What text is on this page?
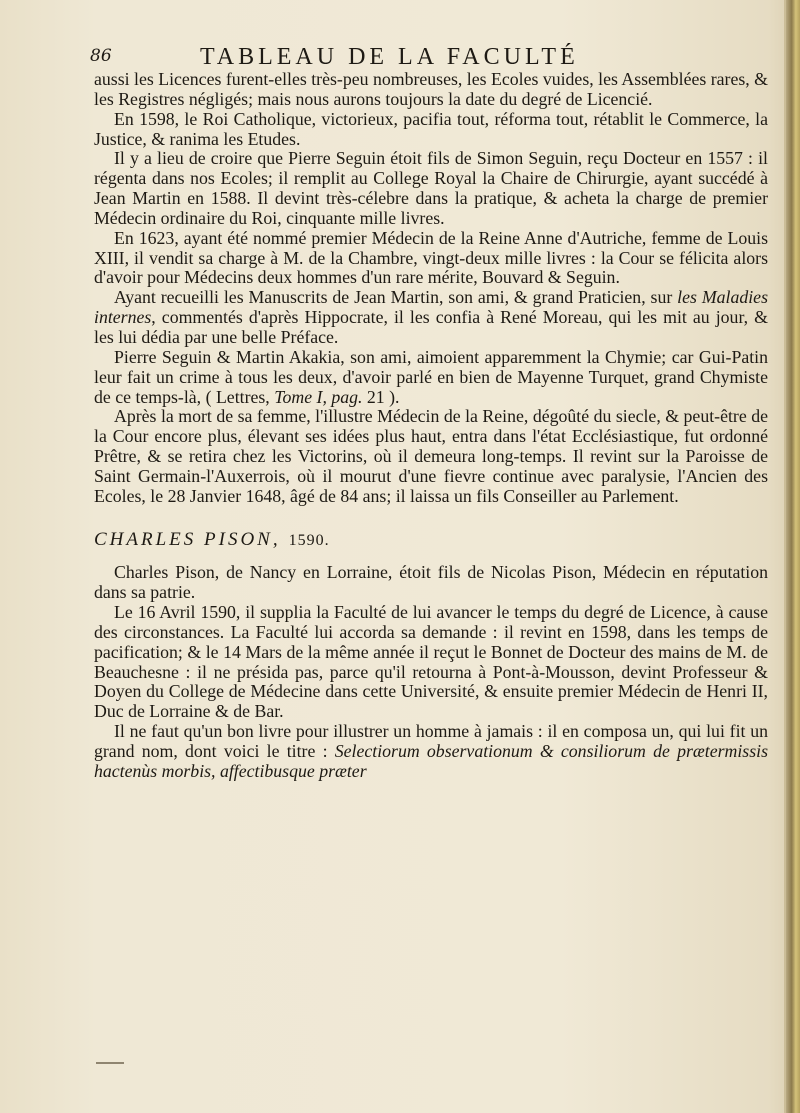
86	TABLEAU DE LA FACULTÉ

aussi les Licences furent-elles très-peu nombreuses, les Ecoles vuides, les Assemblées rares, & les Registres négligés; mais nous aurons toujours la date du degré de Licencié.

En 1598, le Roi Catholique, victorieux, pacifia tout, réforma tout, rétablit le Commerce, la Justice, & ranima les Etudes.

Il y a lieu de croire que Pierre Seguin étoit fils de Simon Seguin, reçu Docteur en 1557 : il régenta dans nos Ecoles; il remplit au College Royal la Chaire de Chirurgie, ayant succédé à Jean Martin en 1588. Il devint très-célebre dans la pratique, & acheta la charge de premier Médecin ordinaire du Roi, cinquante mille livres.

En 1623, ayant été nommé premier Médecin de la Reine Anne d'Autriche, femme de Louis XIII, il vendit sa charge à M. de la Chambre, vingt-deux mille livres : la Cour se félicita alors d'avoir pour Médecins deux hommes d'un rare mérite, Bouvard & Seguin.

Ayant recueilli les Manuscrits de Jean Martin, son ami, & grand Praticien, sur les Maladies internes, commentés d'après Hippocrate, il les confia à René Moreau, qui les mit au jour, & les lui dédia par une belle Préface.

Pierre Seguin & Martin Akakia, son ami, aimoient apparemment la Chymie; car Gui-Patin leur fait un crime à tous les deux, d'avoir parlé en bien de Mayenne Turquet, grand Chymiste de ce temps-là, ( Lettres, Tome I, pag. 21 ).

Après la mort de sa femme, l'illustre Médecin de la Reine, dégoûté du siecle, & peut-être de la Cour encore plus, élevant ses idées plus haut, entra dans l'état Ecclésiastique, fut ordonné Prêtre, & se retira chez les Victorins, où il demeura long-temps. Il revint sur la Paroisse de Saint Germain-l'Auxerrois, où il mourut d'une fievre continue avec paralysie, l'Ancien des Ecoles, le 28 Janvier 1648, âgé de 84 ans; il laissa un fils Conseiller au Parlement.

CHARLES PISON, 1590.

Charles Pison, de Nancy en Lorraine, étoit fils de Nicolas Pison, Médecin en réputation dans sa patrie.

Le 16 Avril 1590, il supplia la Faculté de lui avancer le temps du degré de Licence, à cause des circonstances. La Faculté lui accorda sa demande : il revint en 1598, dans les temps de pacification; & le 14 Mars de la même année il reçut le Bonnet de Docteur des mains de M. de Beauchesne : il ne présida pas, parce qu'il retourna à Pont-à-Mousson, devint Professeur & Doyen du College de Médecine dans cette Université, & ensuite premier Médecin de Henri II, Duc de Lorraine & de Bar.

Il ne faut qu'un bon livre pour illustrer un homme à jamais : il en composa un, qui lui fit un grand nom, dont voici le titre : Selectiorum observationum & consiliorum de prætermissis hactenùs morbis, affectibusque præter
